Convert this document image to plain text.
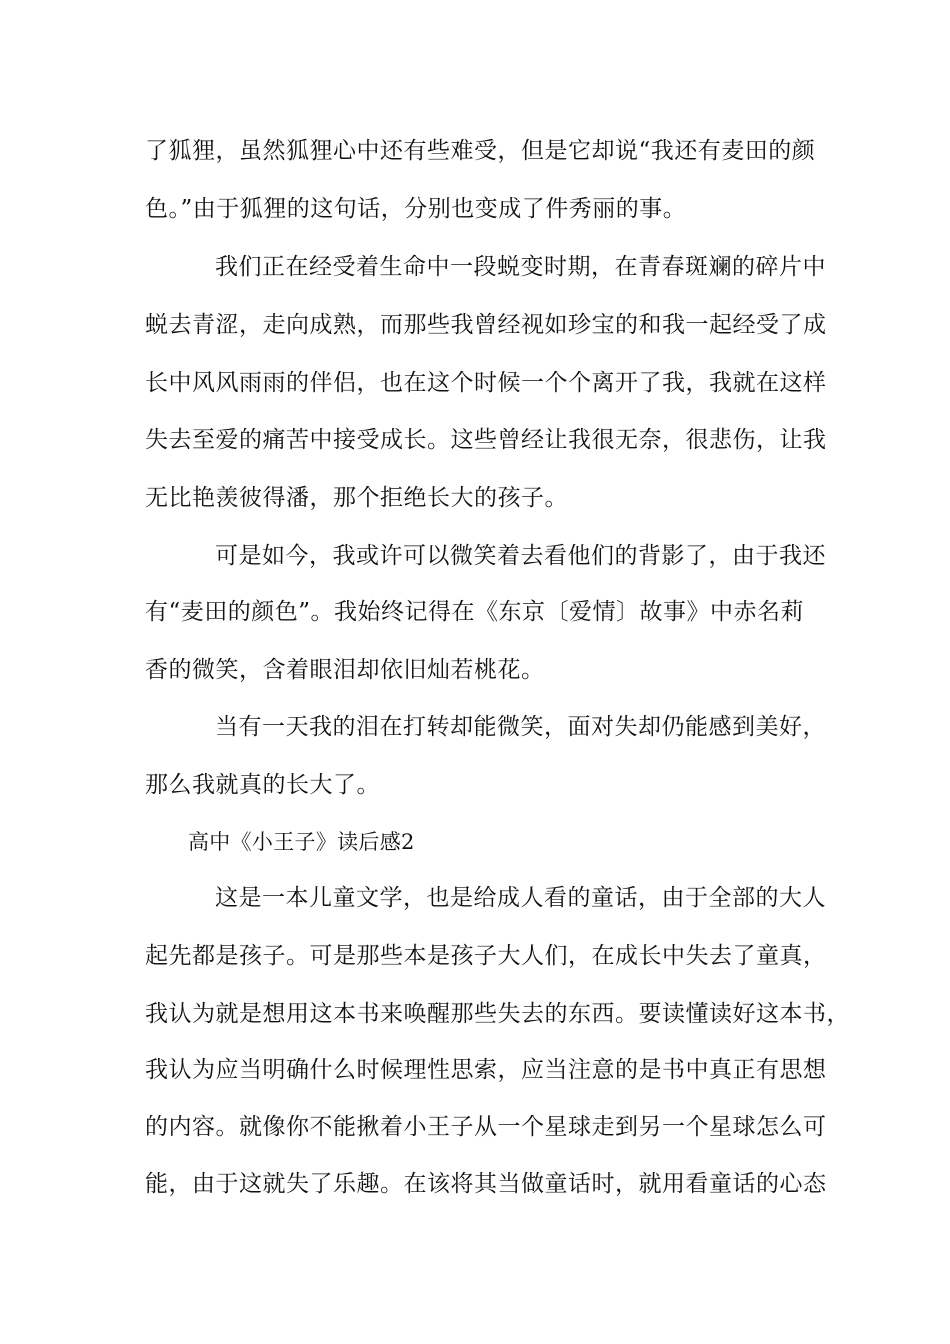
了狐狸，虽然狐狸心中还有些难受，但是它却说“我还有麦田的颜
色。”由于狐狸的这句话，分别也变成了件秀丽的事。
我们正在经受着生命中一段蜕变时期，在青春斑斓的碎片中
蜕去青涩，走向成熟，而那些我曾经视如珍宝的和我一起经受了成
长中风风雨雨的伴侣，也在这个时候一个个离开了我，我就在这样
失去至爱的痛苦中接受成长。这些曾经让我很无奈，很悲伤，让我
无比艳羡彼得潘，那个拒绝长大的孩子。
可是如今，我或许可以微笑着去看他们的背影了，由于我还
有“麦田的颜色”。我始终记得在《东京〔爱情〕故事》中赤名莉
香的微笑，含着眼泪却依旧灿若桃花。
当有一天我的泪在打转却能微笑，面对失却仍能感到美好，
那么我就真的长大了。
高中《小王子》读后感2
这是一本儿童文学，也是给成人看的童话，由于全部的大人
起先都是孩子。可是那些本是孩子大人们，在成长中失去了童真，
我认为就是想用这本书来唤醒那些失去的东西。要读懂读好这本书，
我认为应当明确什么时候理性思索，应当注意的是书中真正有思想
的内容。就像你不能揪着小王子从一个星球走到另一个星球怎么可
能，由于这就失了乐趣。在该将其当做童话时，就用看童话的心态
